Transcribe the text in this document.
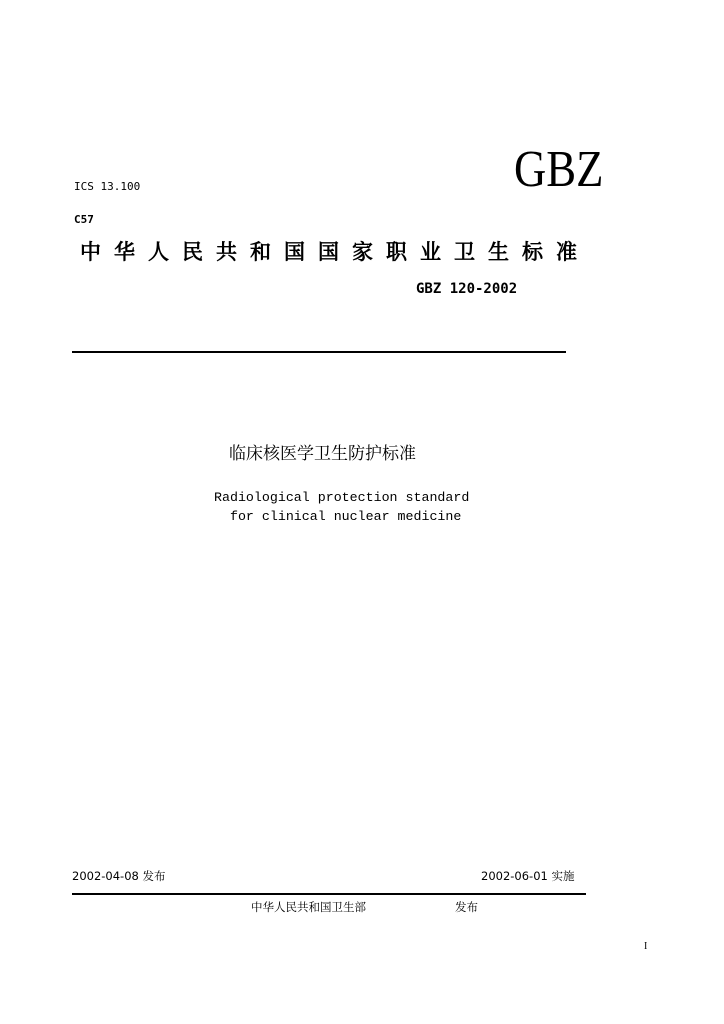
ICS 13.100	GBZ
C57
中华人民共和国国家职业卫生标准
GBZ 120-2002
临床核医学卫生防护标准
Radiological protection standard
for clinical nuclear medicine
2002-04-08 发布	2002-06-01 实施
中华人民共和国卫生部	发布
I
